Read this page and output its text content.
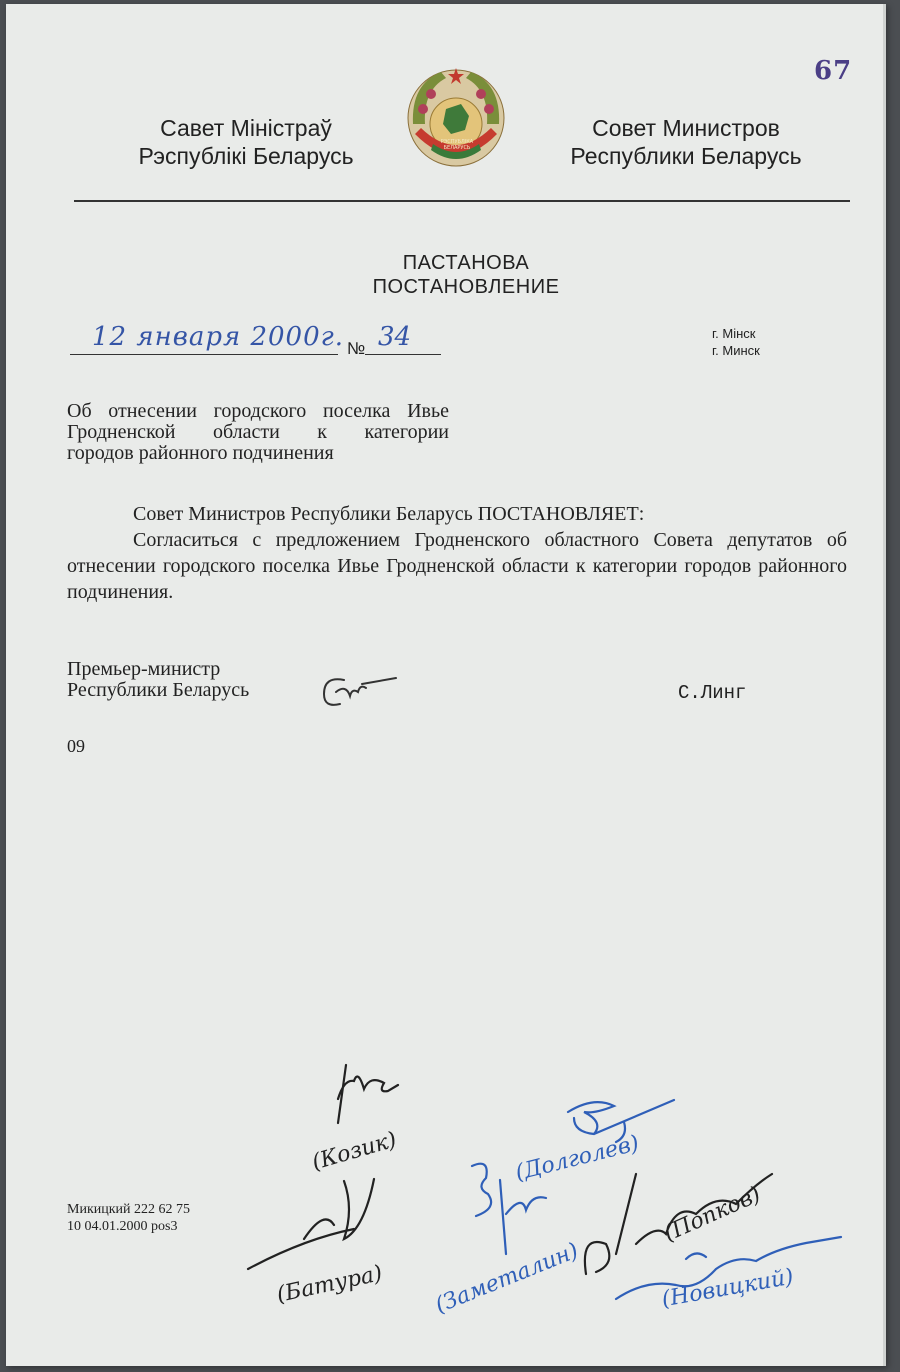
67
Савет Міністраў
Рэспублікі Беларусь
РЭСПУБЛІКА БЕЛАРУСЬ
Совет Министров
Республики Беларусь
ПАСТАНОВА
ПОСТАНОВЛЕНИЕ
12 января 2000г. № 34	г. Мінск
г. Минск
Об отнесении городского поселка Ивье
Гродненской области к категории
городов районного подчинения
Совет Министров Республики Беларусь ПОСТАНОВЛЯЕТ:
Согласиться с предложением Гродненского областного Совета депутатов об отнесении городского поселка Ивье Гродненской области к категории городов районного подчинения.
Премьер-министр
Республики Беларусь	С.Линг
09
(Козик)	(Долголев)
(Заметалин)
(Попков)
(Батура)	(Новицкий)
Микицкий 222 62 75
10 04.01.2000 pos3
